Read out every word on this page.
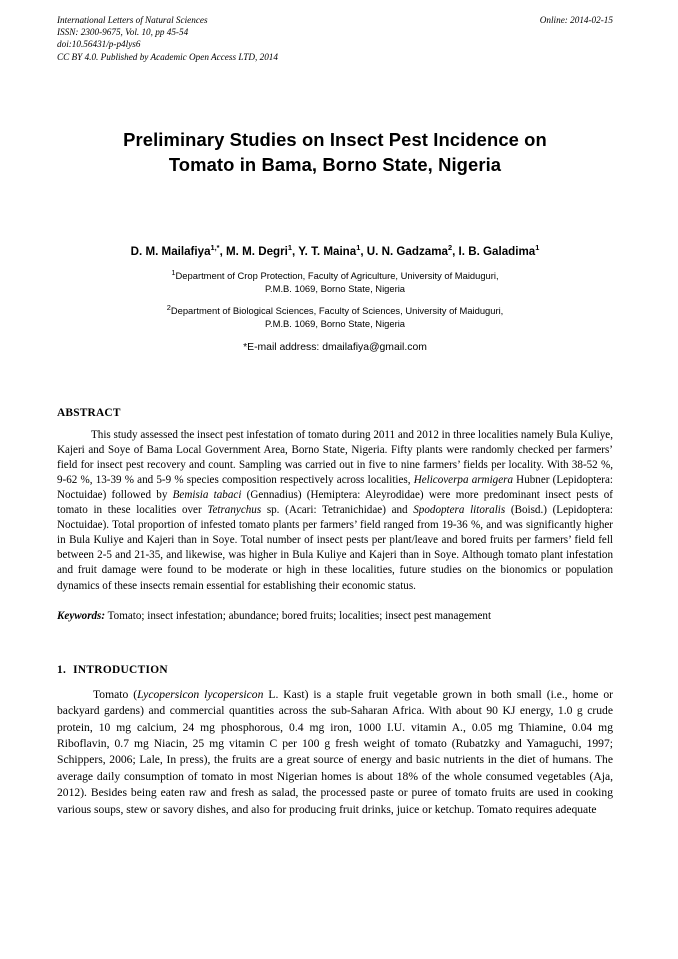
International Letters of Natural Sciences	Online: 2014-02-15
ISSN: 2300-9675, Vol. 10, pp 45-54
doi:10.56431/p-p4lys6
CC BY 4.0. Published by Academic Open Access LTD, 2014
Preliminary Studies on Insect Pest Incidence on
Tomato in Bama, Borno State, Nigeria
D. M. Mailafiya$^{1,*}$, M. M. Degri$^1$, Y. T. Maina$^1$, U. N. Gadzama$^2$, I. B. Galadima$^1$
$^1$Department of Crop Protection, Faculty of Agriculture, University of Maiduguri,
P.M.B. 1069, Borno State, Nigeria
$^2$Department of Biological Sciences, Faculty of Sciences, University of Maiduguri,
P.M.B. 1069, Borno State, Nigeria
*E-mail address: dmailafiya@gmail.com
ABSTRACT

This study assessed the insect pest infestation of tomato during 2011 and 2012 in three localities namely Bula Kuliye, Kajeri and Soye of Bama Local Government Area, Borno State, Nigeria. Fifty plants were randomly checked per farmers’ field for insect pest recovery and count. Sampling was carried out in five to nine farmers’ fields per locality. With 38-52 %, 9-62 %, 13-39 % and 5-9 % species composition respectively across localities, Helicoverpa armigera Hubner (Lepidoptera: Noctuidae) followed by Bemisia tabaci (Gennadius) (Hemiptera: Aleyrodidae) were more predominant insect pests of tomato in these localities over Tetranychus sp. (Acari: Tetranichidae) and Spodoptera litoralis (Boisd.) (Lepidoptera: Noctuidae). Total proportion of infested tomato plants per farmers’ field ranged from 19-36 %, and was significantly higher in Bula Kuliye and Kajeri than in Soye. Total number of insect pests per plant/leave and bored fruits per farmers’ field fell between 2-5 and 21-35, and likewise, was higher in Bula Kuliye and Kajeri than in Soye. Although tomato plant infestation and fruit damage were found to be moderate or high in these localities, future studies on the bionomics or population dynamics of these insects remain essential for establishing their economic status.

Keywords: Tomato; insect infestation; abundance; bored fruits; localities; insect pest management

1. INTRODUCTION

Tomato (Lycopersicon lycopersicon L. Kast) is a staple fruit vegetable grown in both small (i.e., home or backyard gardens) and commercial quantities across the sub-Saharan Africa. With about 90 KJ energy, 1.0 g crude protein, 10 mg calcium, 24 mg phosphorous, 0.4 mg iron, 1000 I.U. vitamin A., 0.05 mg Thiamine, 0.04 mg Riboflavin, 0.7 mg Niacin, 25 mg vitamin C per 100 g fresh weight of tomato (Rubatzky and Yamaguchi, 1997; Schippers, 2006; Lale, In press), the fruits are a great source of energy and basic nutrients in the diet of humans. The average daily consumption of tomato in most Nigerian homes is about 18% of the whole consumed vegetables (Aja, 2012). Besides being eaten raw and fresh as salad, the processed paste or puree of tomato fruits are used in cooking various soups, stew or savory dishes, and also for producing fruit drinks, juice or ketchup. Tomato requires adequate
